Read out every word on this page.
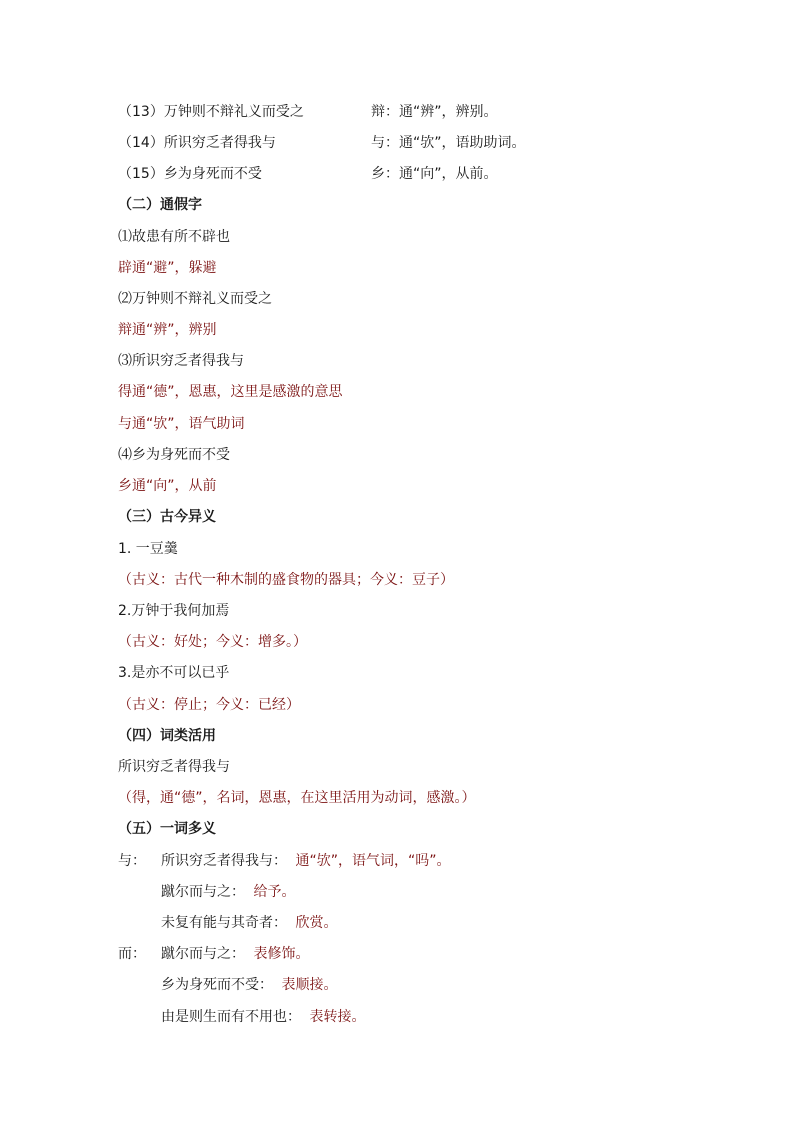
（13）万钟则不辩礼义而受之	辩：通“辨”，辨别。
（14）所识穷乏者得我与	与：通“欤”，语助助词。
（15）乡为身死而不受	乡：通“向”，从前。
（二）通假字
⑴故患有所不辟也
辟通“避”，躲避
⑵万钟则不辩礼义而受之
辩通“辨”，辨别
⑶所识穷乏者得我与
得通“德”，恩惠，这里是感激的意思
与通“欤”，语气助词
⑷乡为身死而不受
乡通“向”，从前
（三）古今异义
1. 一豆羹
（古义：古代一种木制的盛食物的器具；今义：豆子）
2.万钟于我何加焉
（古义：好处；今义：增多。）
3.是亦不可以已乎
（古义：停止；今义：已经）
（四）词类活用
所识穷乏者得我与
（得，通“德”，名词，恩惠，在这里活用为动词，感激。）
（五）一词多义
与： 所识穷乏者得我与： 通“欤”，语气词，“吗”。
蹴尔而与之： 给予。
未复有能与其奇者： 欣赏。
而： 蹴尔而与之： 表修饰。
乡为身死而不受： 表顺接。
由是则生而有不用也： 表转接。
